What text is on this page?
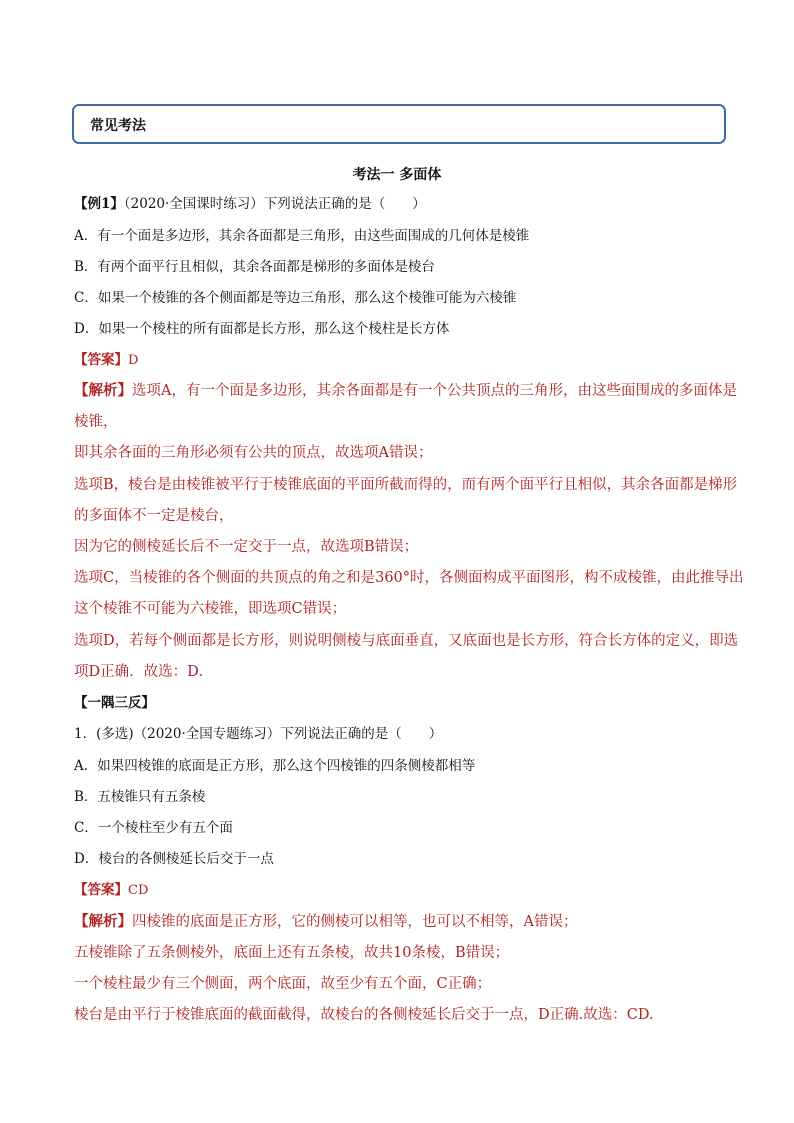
常见考法
考法一 多面体
【例1】（2020·全国课时练习）下列说法正确的是（　　）
A．有一个面是多边形，其余各面都是三角形，由这些面围成的几何体是棱锥
B．有两个面平行且相似，其余各面都是梯形的多面体是棱台
C．如果一个棱锥的各个侧面都是等边三角形，那么这个棱锥可能为六棱锥
D．如果一个棱柱的所有面都是长方形，那么这个棱柱是长方体
【答案】D
【解析】选项A，有一个面是多边形，其余各面都是有一个公共顶点的三角形，由这些面围成的多面体是
棱锥，
即其余各面的三角形必须有公共的顶点，故选项A错误；
选项B，棱台是由棱锥被平行于棱锥底面的平面所截而得的，而有两个面平行且相似，其余各面都是梯形
的多面体不一定是棱台，
因为它的侧棱延长后不一定交于一点，故选项B错误；
选项C，当棱锥的各个侧面的共顶点的角之和是360°时，各侧面构成平面图形，构不成棱锥，由此推导出
这个棱锥不可能为六棱锥，即选项C错误；
选项D，若每个侧面都是长方形，则说明侧棱与底面垂直，又底面也是长方形，符合长方体的定义，即选
项D正确．故选：D．
【一隅三反】
1．(多选)（2020·全国专题练习）下列说法正确的是（　　）
A．如果四棱锥的底面是正方形，那么这个四棱锥的四条侧棱都相等
B．五棱锥只有五条棱
C．一个棱柱至少有五个面
D．棱台的各侧棱延长后交于一点
【答案】CD
【解析】四棱锥的底面是正方形，它的侧棱可以相等，也可以不相等，A错误；
五棱锥除了五条侧棱外，底面上还有五条棱，故共10条棱，B错误；
一个棱柱最少有三个侧面，两个底面，故至少有五个面，C正确；
棱台是由平行于棱锥底面的截面截得，故棱台的各侧棱延长后交于一点，D正确.故选：CD.
